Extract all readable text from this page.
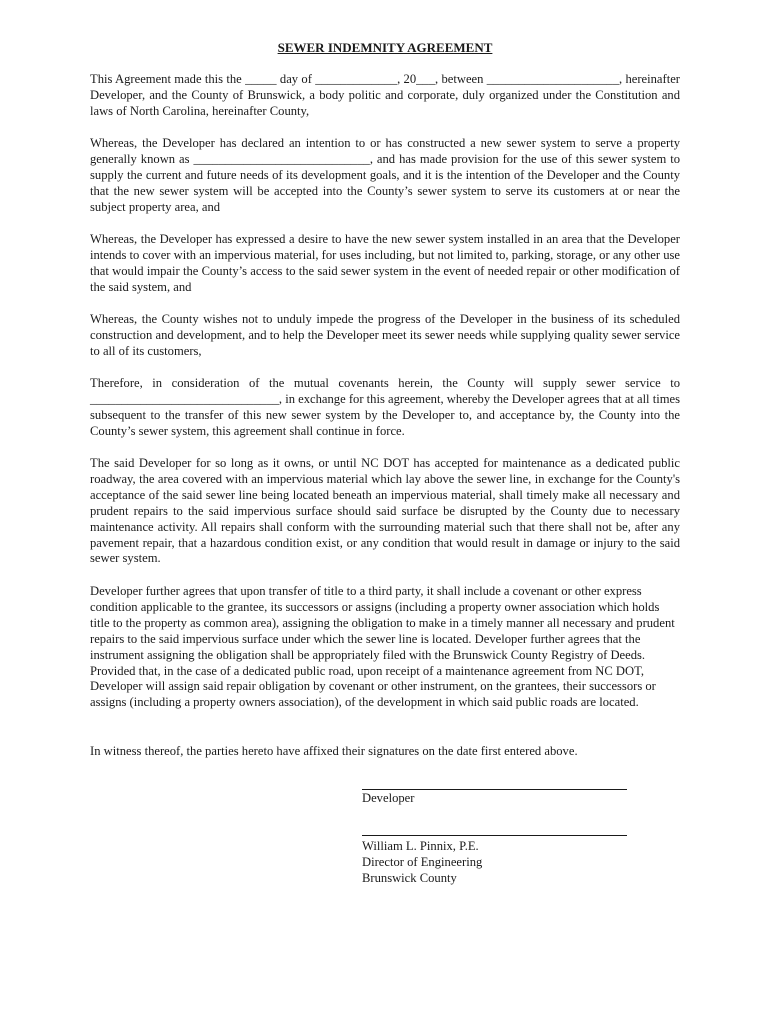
SEWER INDEMNITY AGREEMENT

This Agreement made this the _____ day of _____________, 20___, between _____________________, hereinafter Developer, and the County of Brunswick, a body politic and corporate, duly organized under the Constitution and laws of North Carolina, hereinafter County,

Whereas, the Developer has declared an intention to or has constructed a new sewer system to serve a property generally known as ____________________________, and has made provision for the use of this sewer system to supply the current and future needs of its development goals, and it is the intention of the Developer and the County that the new sewer system will be accepted into the County’s sewer system to serve its customers at or near the subject property area, and

Whereas, the Developer has expressed a desire to have the new sewer system installed in an area that the Developer intends to cover with an impervious material, for uses including, but not limited to, parking, storage, or any other use that would impair the County’s access to the said sewer system in the event of needed repair or other modification of the said system, and

Whereas, the County wishes not to unduly impede the progress of the Developer in the business of its scheduled construction and development, and to help the Developer meet its sewer needs while supplying quality sewer service to all of its customers,

Therefore, in consideration of the mutual covenants herein, the County will supply sewer service to ______________________________, in exchange for this agreement, whereby the Developer agrees that at all times subsequent to the transfer of this new sewer system by the Developer to, and acceptance by, the County into the County’s sewer system, this agreement shall continue in force.

The said Developer for so long as it owns, or until NC DOT has accepted for maintenance as a dedicated public roadway, the area covered with an impervious material which lay above the sewer line, in exchange for the County's acceptance of the said sewer line being located beneath an impervious material, shall timely make all necessary and prudent repairs to the said impervious surface should said surface be disrupted by the County due to necessary maintenance activity. All repairs shall conform with the surrounding material such that there shall not be, after any pavement repair, that a hazardous condition exist, or any condition that would result in damage or injury to the said sewer system.

Developer further agrees that upon transfer of title to a third party, it shall include a covenant or other express condition applicable to the grantee, its successors or assigns (including a property owner association which holds title to the property as common area), assigning the obligation to make in a timely manner all necessary and prudent repairs to the said impervious surface under which the sewer line is located. Developer further agrees that the instrument assigning the obligation shall be appropriately filed with the Brunswick County Registry of Deeds. Provided that, in the case of a dedicated public road, upon receipt of a maintenance agreement from NC DOT, Developer will assign said repair obligation by covenant or other instrument, on the grantees, their successors or assigns (including a property owners association), of the development in which said public roads are located.

In witness thereof, the parties hereto have affixed their signatures on the date first entered above.

Developer
William L. Pinnix, P.E.
Director of Engineering
Brunswick County
